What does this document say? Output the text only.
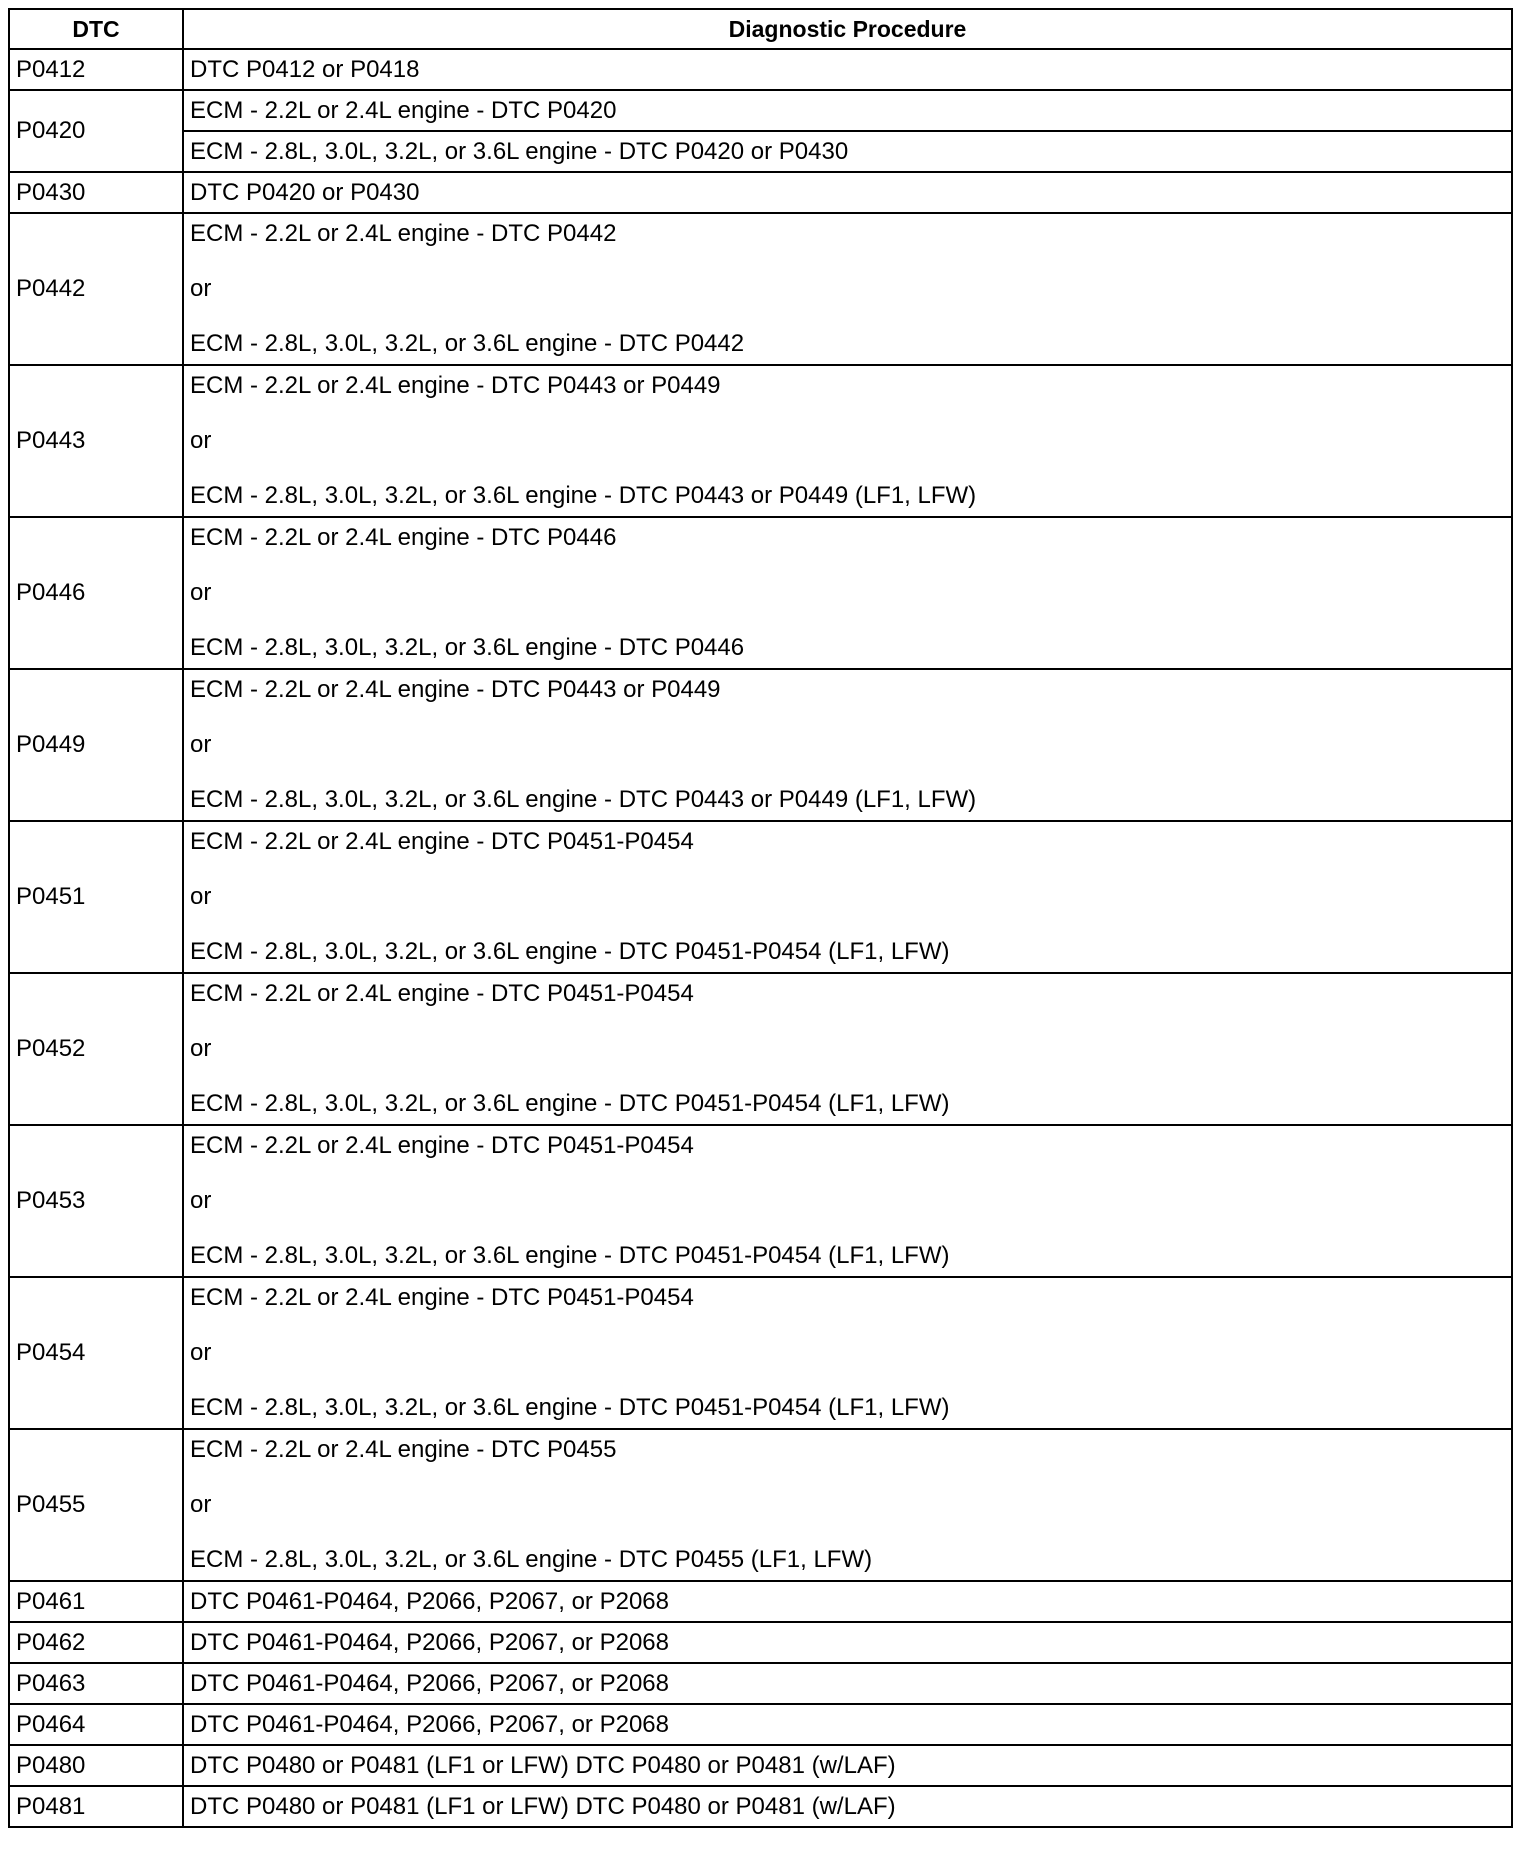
DTC	Diagnostic Procedure
P0412	DTC P0412 or P0418
P0420	ECM - 2.2L or 2.4L engine - DTC P0420
	ECM - 2.8L, 3.0L, 3.2L, or 3.6L engine - DTC P0420 or P0430
P0430	DTC P0420 or P0430
P0442	ECM - 2.2L or 2.4L engine - DTC P0442
or
ECM - 2.8L, 3.0L, 3.2L, or 3.6L engine - DTC P0442

P0443	ECM - 2.2L or 2.4L engine - DTC P0443 or P0449
or
ECM - 2.8L, 3.0L, 3.2L, or 3.6L engine - DTC P0443 or P0449 (LF1, LFW)

P0446	ECM - 2.2L or 2.4L engine - DTC P0446
or
ECM - 2.8L, 3.0L, 3.2L, or 3.6L engine - DTC P0446

P0449	ECM - 2.2L or 2.4L engine - DTC P0443 or P0449
or
ECM - 2.8L, 3.0L, 3.2L, or 3.6L engine - DTC P0443 or P0449 (LF1, LFW)

P0451	ECM - 2.2L or 2.4L engine - DTC P0451-P0454
or
ECM - 2.8L, 3.0L, 3.2L, or 3.6L engine - DTC P0451-P0454 (LF1, LFW)

P0452	ECM - 2.2L or 2.4L engine - DTC P0451-P0454
or
ECM - 2.8L, 3.0L, 3.2L, or 3.6L engine - DTC P0451-P0454 (LF1, LFW)

P0453	ECM - 2.2L or 2.4L engine - DTC P0451-P0454
or
ECM - 2.8L, 3.0L, 3.2L, or 3.6L engine - DTC P0451-P0454 (LF1, LFW)

P0454	ECM - 2.2L or 2.4L engine - DTC P0451-P0454
or
ECM - 2.8L, 3.0L, 3.2L, or 3.6L engine - DTC P0451-P0454 (LF1, LFW)

P0455	ECM - 2.2L or 2.4L engine - DTC P0455
or
ECM - 2.8L, 3.0L, 3.2L, or 3.6L engine - DTC P0455 (LF1, LFW)

P0461	DTC P0461-P0464, P2066, P2067, or P2068
P0462	DTC P0461-P0464, P2066, P2067, or P2068
P0463	DTC P0461-P0464, P2066, P2067, or P2068
P0464	DTC P0461-P0464, P2066, P2067, or P2068
P0480	DTC P0480 or P0481 (LF1 or LFW) DTC P0480 or P0481 (w/LAF)
P0481	DTC P0480 or P0481 (LF1 or LFW) DTC P0480 or P0481 (w/LAF)
